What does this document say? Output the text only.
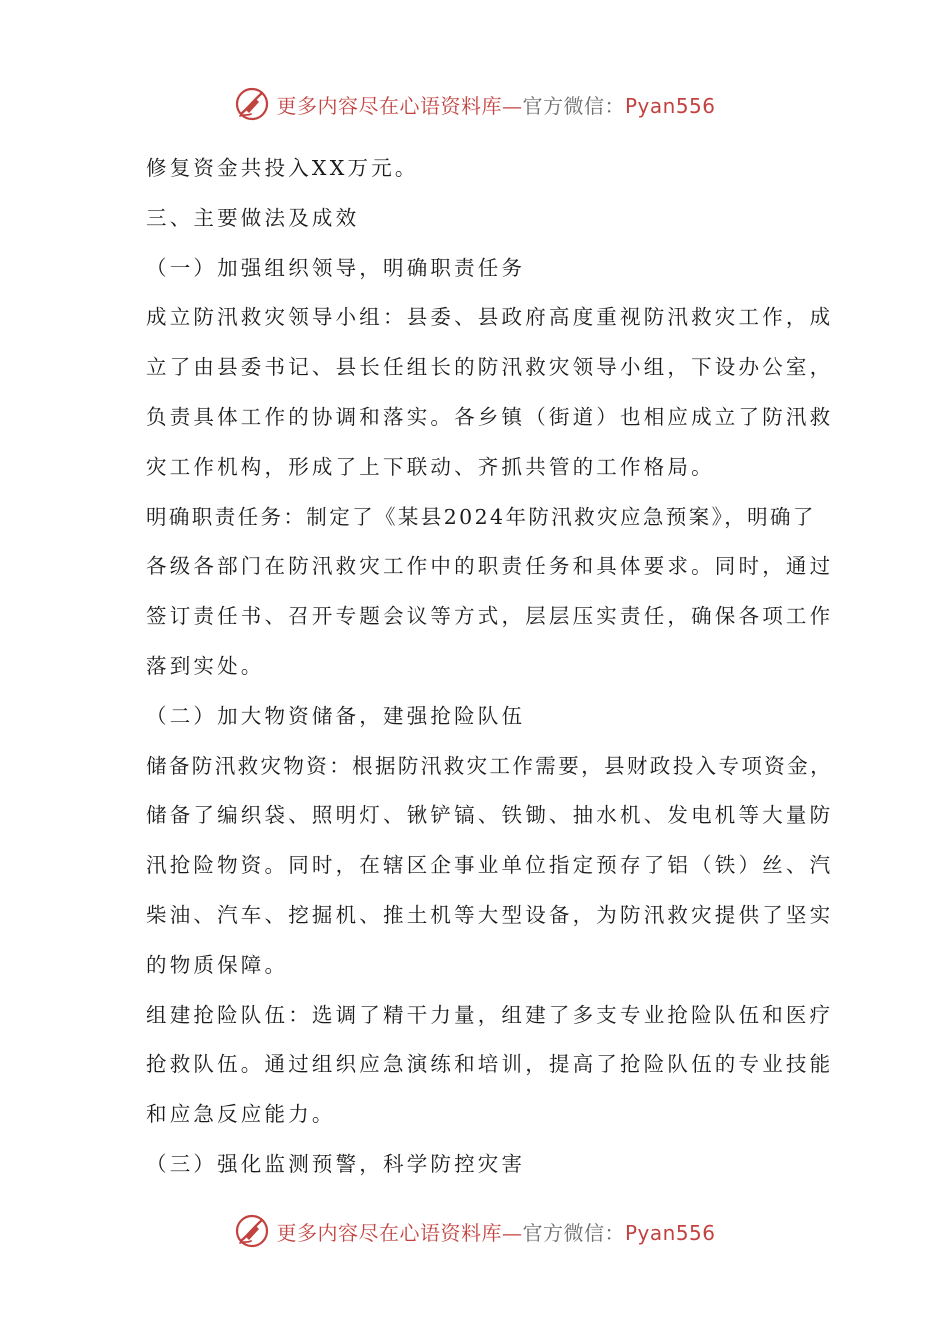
更多内容尽在心语资料库—官方微信：Pyan556
修复资金共投入XX万元。
三、主要做法及成效
（一）加强组织领导，明确职责任务
成立防汛救灾领导小组：县委、县政府高度重视防汛救灾工作，成
立了由县委书记、县长任组长的防汛救灾领导小组，下设办公室，
负责具体工作的协调和落实。各乡镇（街道）也相应成立了防汛救
灾工作机构，形成了上下联动、齐抓共管的工作格局。
明确职责任务：制定了《某县2024年防汛救灾应急预案》，明确了
各级各部门在防汛救灾工作中的职责任务和具体要求。同时，通过
签订责任书、召开专题会议等方式，层层压实责任，确保各项工作
落到实处。
（二）加大物资储备，建强抢险队伍
储备防汛救灾物资：根据防汛救灾工作需要，县财政投入专项资金，
储备了编织袋、照明灯、锹铲镐、铁锄、抽水机、发电机等大量防
汛抢险物资。同时，在辖区企事业单位指定预存了铝（铁）丝、汽
柴油、汽车、挖掘机、推土机等大型设备，为防汛救灾提供了坚实
的物质保障。
组建抢险队伍：选调了精干力量，组建了多支专业抢险队伍和医疗
抢救队伍。通过组织应急演练和培训，提高了抢险队伍的专业技能
和应急反应能力。
（三）强化监测预警，科学防控灾害
更多内容尽在心语资料库—官方微信：Pyan556
